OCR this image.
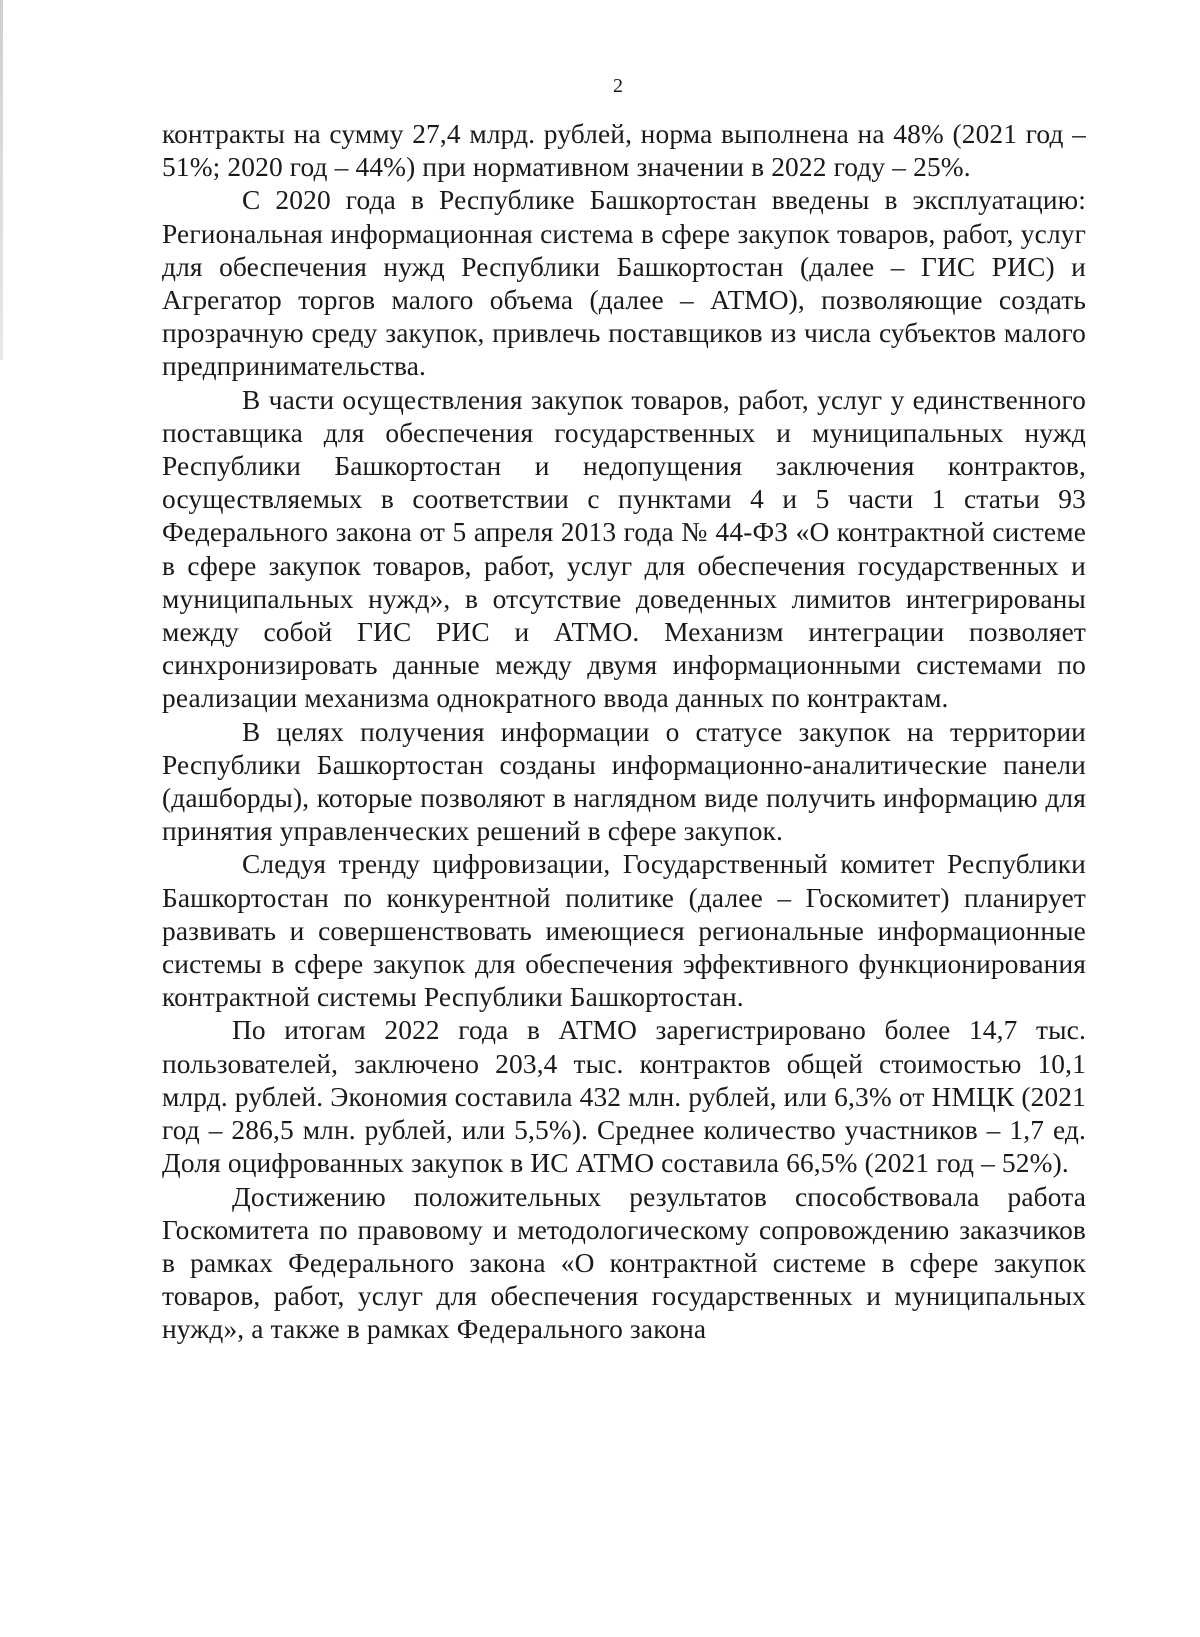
2

контракты на сумму 27,4 млрд. рублей, норма выполнена на 48% (2021 год – 51%; 2020 год – 44%) при нормативном значении в 2022 году – 25%.

С 2020 года в Республике Башкортостан введены в эксплуатацию: Региональная информационная система в сфере закупок товаров, работ, услуг для обеспечения нужд Республики Башкортостан (далее – ГИС РИС) и Агрегатор торгов малого объема (далее – АТМО), позволяющие создать прозрачную среду закупок, привлечь поставщиков из числа субъектов малого предпринимательства.

В части осуществления закупок товаров, работ, услуг у единственного поставщика для обеспечения государственных и муниципальных нужд Республики Башкортостан и недопущения заключения контрактов, осуществляемых в соответствии с пунктами 4 и 5 части 1 статьи 93 Федерального закона от 5 апреля 2013 года № 44-ФЗ «О контрактной системе в сфере закупок товаров, работ, услуг для обеспечения государственных и муниципальных нужд», в отсутствие доведенных лимитов интегрированы между собой ГИС РИС и АТМО. Механизм интеграции позволяет синхронизировать данные между двумя информационными системами по реализации механизма однократного ввода данных по контрактам.

В целях получения информации о статусе закупок на территории Республики Башкортостан созданы информационно-аналитические панели (дашборды), которые позволяют в наглядном виде получить информацию для принятия управленческих решений в сфере закупок.

Следуя тренду цифровизации, Государственный комитет Республики Башкортостан по конкурентной политике (далее – Госкомитет) планирует развивать и совершенствовать имеющиеся региональные информационные системы в сфере закупок для обеспечения эффективного функционирования контрактной системы Республики Башкортостан.

По итогам 2022 года в АТМО зарегистрировано более 14,7 тыс. пользователей, заключено 203,4 тыс. контрактов общей стоимостью 10,1 млрд. рублей. Экономия составила 432 млн. рублей, или 6,3% от НМЦК (2021 год – 286,5 млн. рублей, или 5,5%). Среднее количество участников – 1,7 ед. Доля оцифрованных закупок в ИС АТМО составила 66,5% (2021 год – 52%).

Достижению положительных результатов способствовала работа Госкомитета по правовому и методологическому сопровождению заказчиков в рамках Федерального закона «О контрактной системе в сфере закупок товаров, работ, услуг для обеспечения государственных и муниципальных нужд», а также в рамках Федерального закона
